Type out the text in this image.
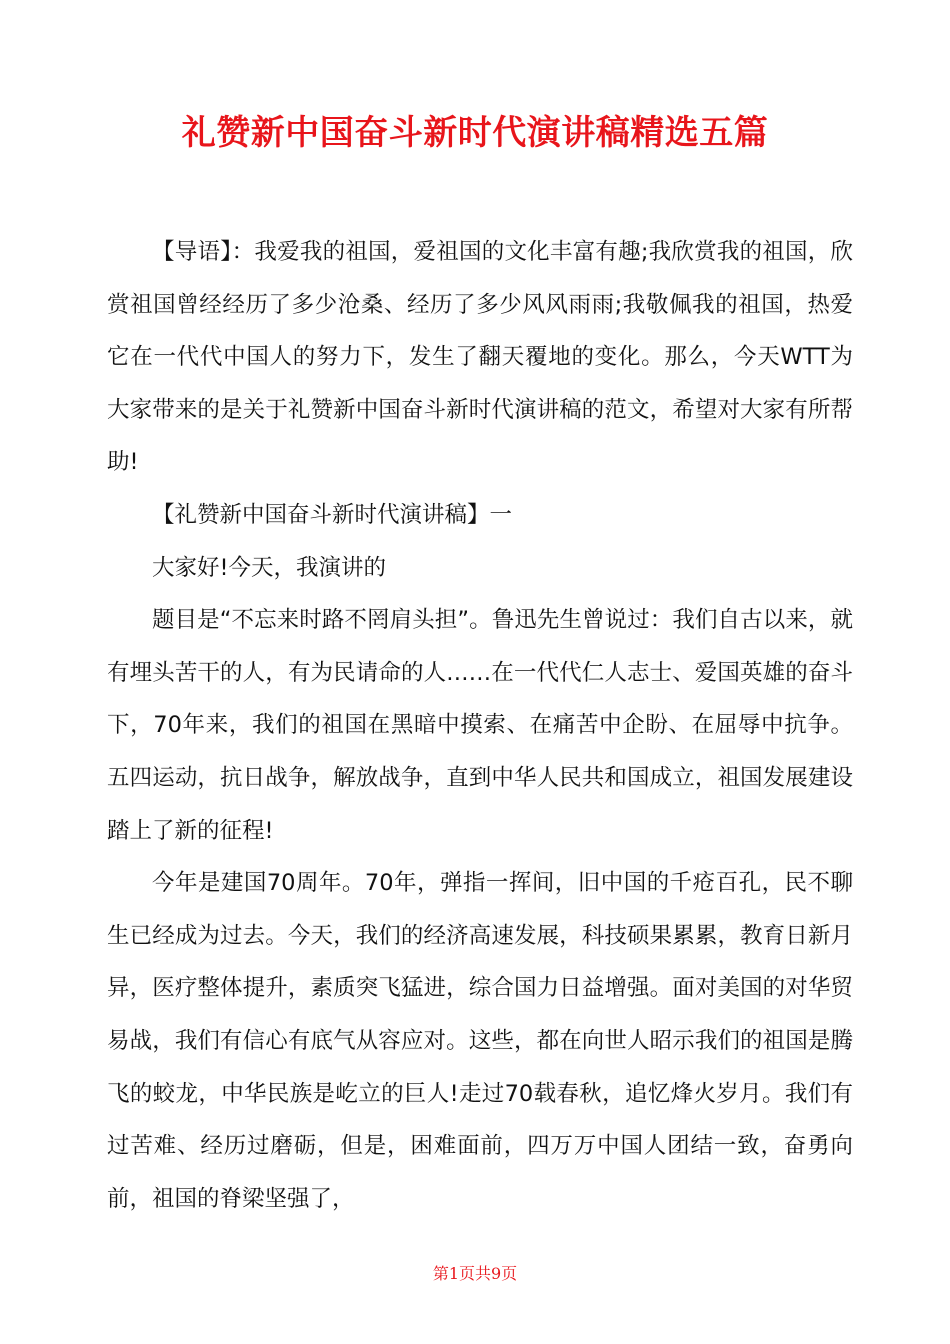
礼赞新中国奋斗新时代演讲稿精选五篇

【导语】：我爱我的祖国，爱祖国的文化丰富有趣;我欣赏我的祖国，欣赏祖国曾经经历了多少沧桑、经历了多少风风雨雨;我敬佩我的祖国，热爱它在一代代中国人的努力下，发生了翻天覆地的变化。那么，今天WTT为大家带来的是关于礼赞新中国奋斗新时代演讲稿的范文，希望对大家有所帮助!

【礼赞新中国奋斗新时代演讲稿】一

大家好!今天，我演讲的

题目是“不忘来时路不罔肩头担”。鲁迅先生曾说过：我们自古以来，就有埋头苦干的人，有为民请命的人……在一代代仁人志士、爱国英雄的奋斗下，70年来，我们的祖国在黑暗中摸索、在痛苦中企盼、在屈辱中抗争。五四运动，抗日战争，解放战争，直到中华人民共和国成立，祖国发展建设踏上了新的征程!

今年是建国70周年。70年，弹指一挥间，旧中国的千疮百孔，民不聊生已经成为过去。今天，我们的经济高速发展，科技硕果累累，教育日新月异，医疗整体提升，素质突飞猛进，综合国力日益增强。面对美国的对华贸易战，我们有信心有底气从容应对。这些，都在向世人昭示我们的祖国是腾飞的蛟龙，中华民族是屹立的巨人!走过70载春秋，追忆烽火岁月。我们有过苦难、经历过磨砺，但是，困难面前，四万万中国人团结一致，奋勇向前，祖国的脊梁坚强了，

第1页共9页
